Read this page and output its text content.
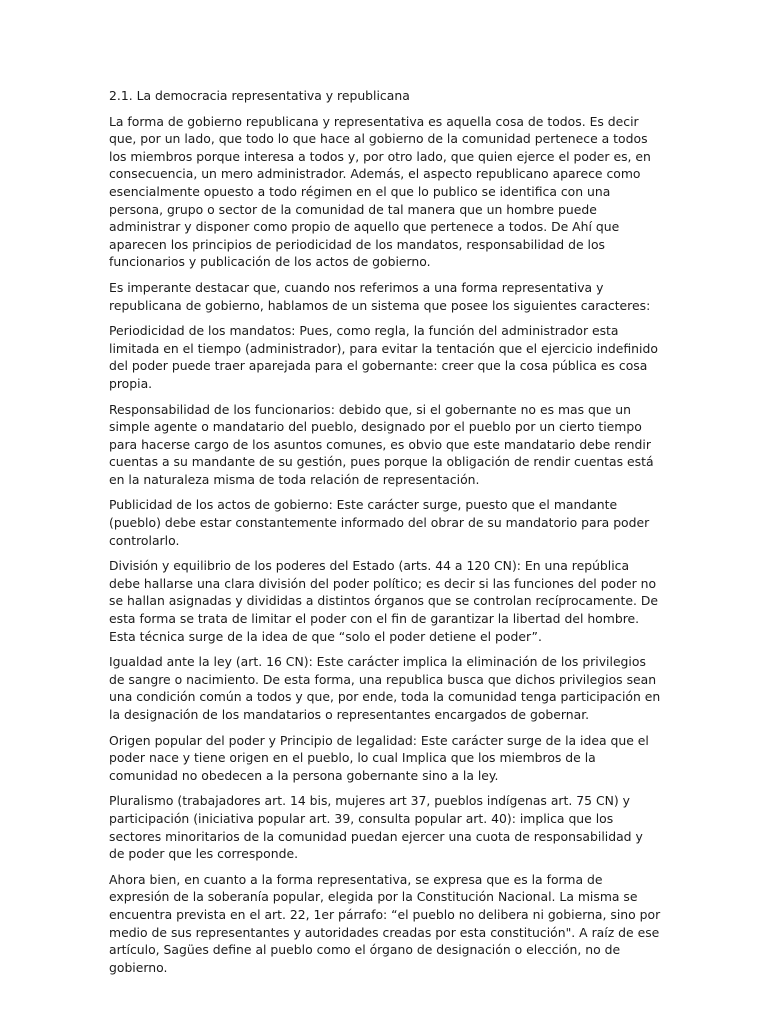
2.1. La democracia representativa y republicana

La forma de gobierno republicana y representativa es aquella cosa de todos. Es decir que, por un lado, que todo lo que hace al gobierno de la comunidad pertenece a todos los miembros porque interesa a todos y, por otro lado, que quien ejerce el poder es, en consecuencia, un mero administrador. Además, el aspecto republicano aparece como esencialmente opuesto a todo régimen en el que lo publico se identifica con una persona, grupo o sector de la comunidad de tal manera que un hombre puede administrar y disponer como propio de aquello que pertenece a todos. De Ahí que aparecen los principios de periodicidad de los mandatos, responsabilidad de los funcionarios y publicación de los actos de gobierno.

Es imperante destacar que, cuando nos referimos a una forma representativa y republicana de gobierno, hablamos de un sistema que posee los siguientes caracteres:

Periodicidad de los mandatos: Pues, como regla, la función del administrador esta limitada en el tiempo (administrador), para evitar la tentación que el ejercicio indefinido del poder puede traer aparejada para el gobernante: creer que la cosa pública es cosa propia.

Responsabilidad de los funcionarios: debido que, si el gobernante no es mas que un simple agente o mandatario del pueblo, designado por el pueblo por un cierto tiempo para hacerse cargo de los asuntos comunes, es obvio que este mandatario debe rendir cuentas a su mandante de su gestión, pues porque la obligación de rendir cuentas está en la naturaleza misma de toda relación de representación.

Publicidad de los actos de gobierno: Este carácter surge, puesto que el mandante (pueblo) debe estar constantemente informado del obrar de su mandatorio para poder controlarlo.

División y equilibrio de los poderes del Estado (arts. 44 a 120 CN): En una república debe hallarse una clara división del poder político; es decir si las funciones del poder no se hallan asignadas y divididas a distintos órganos que se controlan recíprocamente. De esta forma se trata de limitar el poder con el fin de garantizar la libertad del hombre. Esta técnica surge de la idea de que “solo el poder detiene el poder”.

Igualdad ante la ley (art. 16 CN): Este carácter implica la eliminación de los privilegios de sangre o nacimiento. De esta forma, una republica busca que dichos privilegios sean una condición común a todos y que, por ende, toda la comunidad tenga participación en la designación de los mandatarios o representantes encargados de gobernar.

Origen popular del poder y Principio de legalidad: Este carácter surge de la idea que el poder nace y tiene origen en el pueblo, lo cual Implica que los miembros de la comunidad no obedecen a la persona gobernante sino a la ley.

Pluralismo (trabajadores art. 14 bis, mujeres art 37, pueblos indígenas art. 75 CN) y participación (iniciativa popular art. 39, consulta popular art. 40): implica que los sectores minoritarios de la comunidad puedan ejercer una cuota de responsabilidad y de poder que les corresponde.

Ahora bien, en cuanto a la forma representativa, se expresa que es la forma de expresión de la soberanía popular, elegida por la Constitución Nacional. La misma se encuentra prevista en el art. 22, 1er párrafo: “el pueblo no delibera ni gobierna, sino por medio de sus representantes y autoridades creadas por esta constitución". A raíz de ese artículo, Sagües define al pueblo como el órgano de designación o elección, no de gobierno.
